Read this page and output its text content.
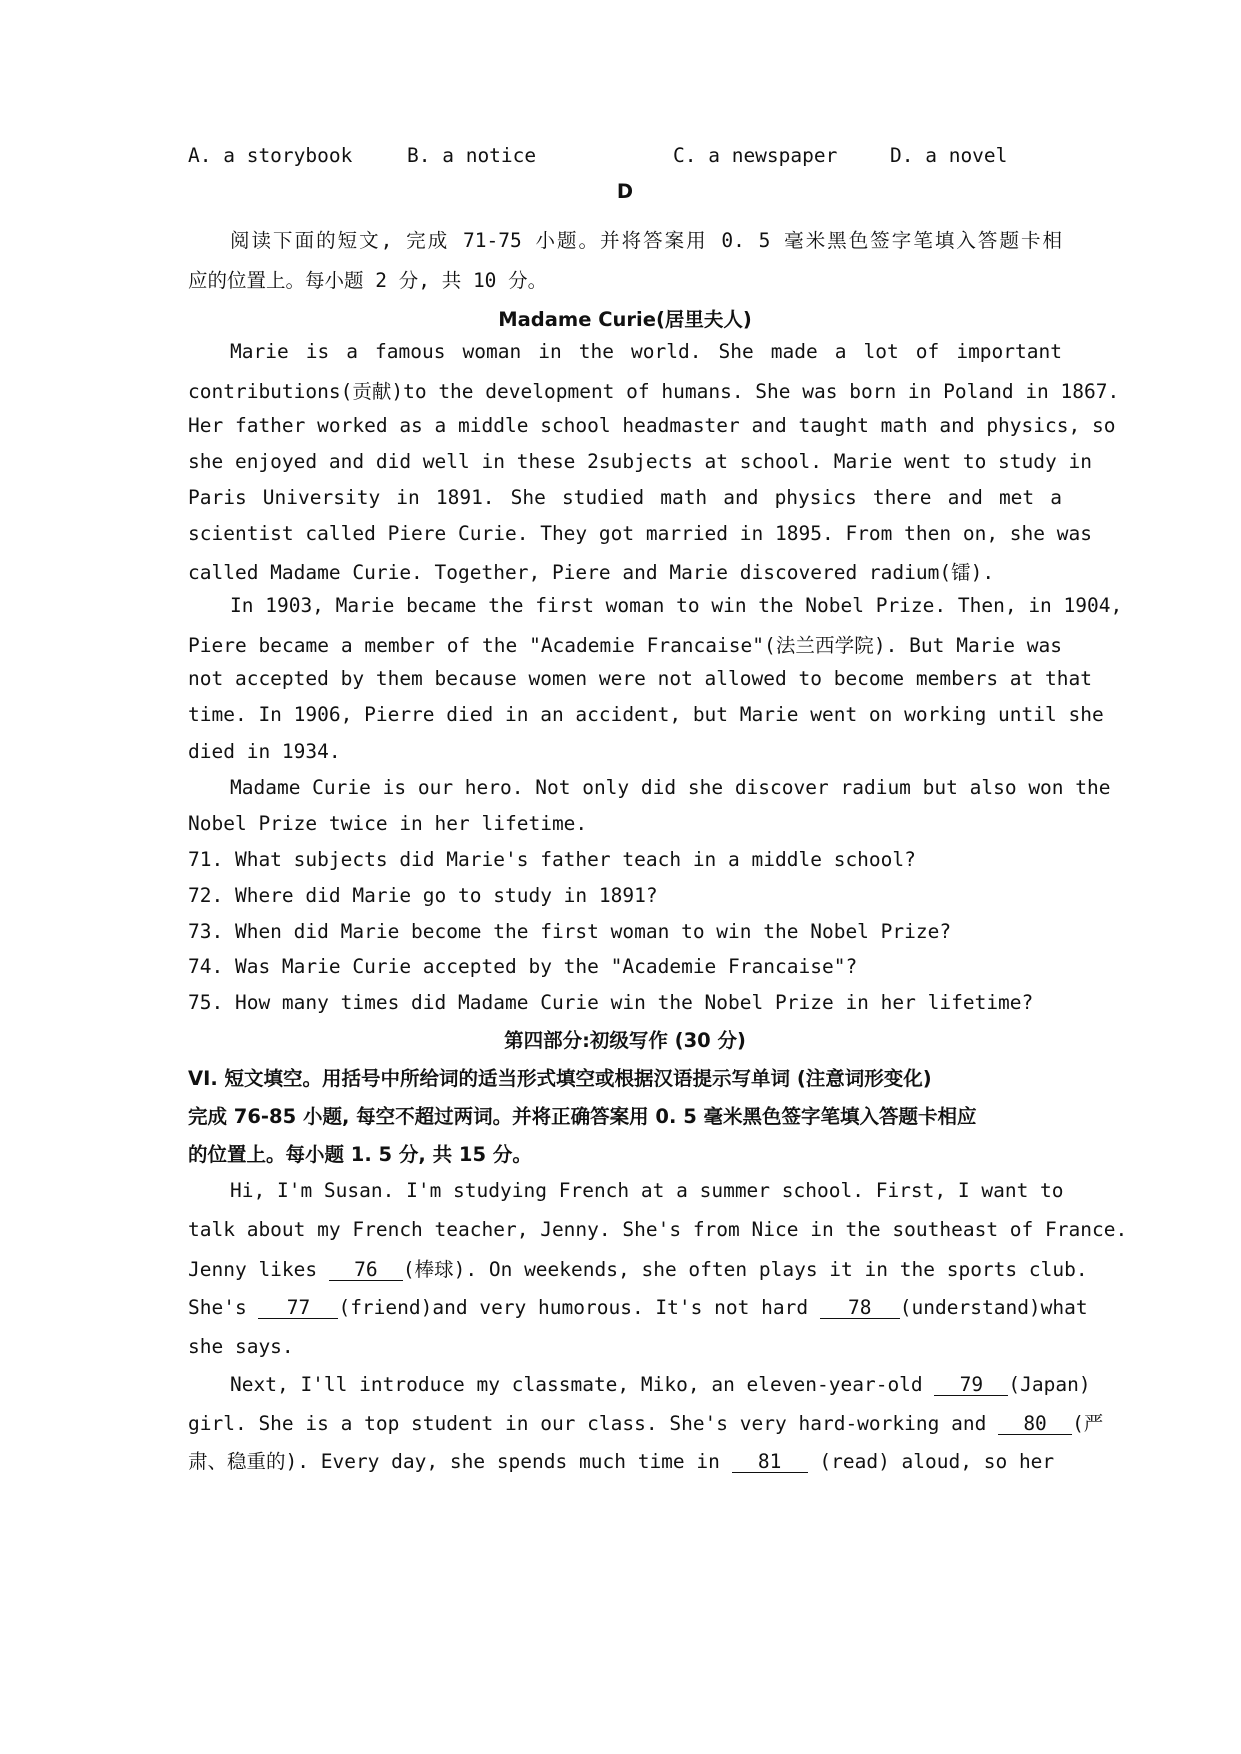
A. a storybook	B. a notice	C. a newspaper	D. a novel
D
阅读下面的短文, 完成 71-75 小题。并将答案用 0. 5 毫米黑色签字笔填入答题卡相
应的位置上。每小题 2 分, 共 10 分。
Madame Curie(居里夫人)
Marie is a famous woman in the world. She made a lot of important
contributions(贡献)to the development of humans. She was born in Poland in 1867.
Her father worked as a middle school headmaster and taught math and physics, so
she enjoyed and did well in these 2subjects at school. Marie went to study in
Paris University in 1891. She studied math and physics there and met a
scientist called Piere Curie. They got married in 1895. From then on, she was
called Madame Curie. Together, Piere and Marie discovered radium(镭).
In 1903, Marie became the first woman to win the Nobel Prize. Then, in 1904,
Piere became a member of the "Academie Francaise"(法兰西学院). But Marie was
not accepted by them because women were not allowed to become members at that
time. In 1906, Pierre died in an accident, but Marie went on working until she
died in 1934.
Madame Curie is our hero. Not only did she discover radium but also won the
Nobel Prize twice in her lifetime.
71. What subjects did Marie's father teach in a middle school?
72. Where did Marie go to study in 1891?
73. When did Marie become the first woman to win the Nobel Prize?
74. Was Marie Curie accepted by the "Academie Francaise"?
75. How many times did Madame Curie win the Nobel Prize in her lifetime?
第四部分:初级写作 (30 分)
VI. 短文填空。用括号中所给词的适当形式填空或根据汉语提示写单词 (注意词形变化)
完成 76-85 小题, 每空不超过两词。并将正确答案用 0. 5 毫米黑色签字笔填入答题卡相应
的位置上。每小题 1. 5 分, 共 15 分。
Hi, I'm Susan. I'm studying French at a summer school. First, I want to
talk about my French teacher, Jenny. She's from Nice in the southeast of France.
Jenny likes 76 (棒球). On weekends, she often plays it in the sports club.
She's 77 (friend)and very humorous. It's not hard 78 (understand)what
she says.
Next, I'll introduce my classmate, Miko, an eleven-year-old 79 (Japan)
girl. She is a top student in our class. She's very hard-working and 80 (严
肃、稳重的). Every day, she spends much time in 81 (read) aloud, so her
